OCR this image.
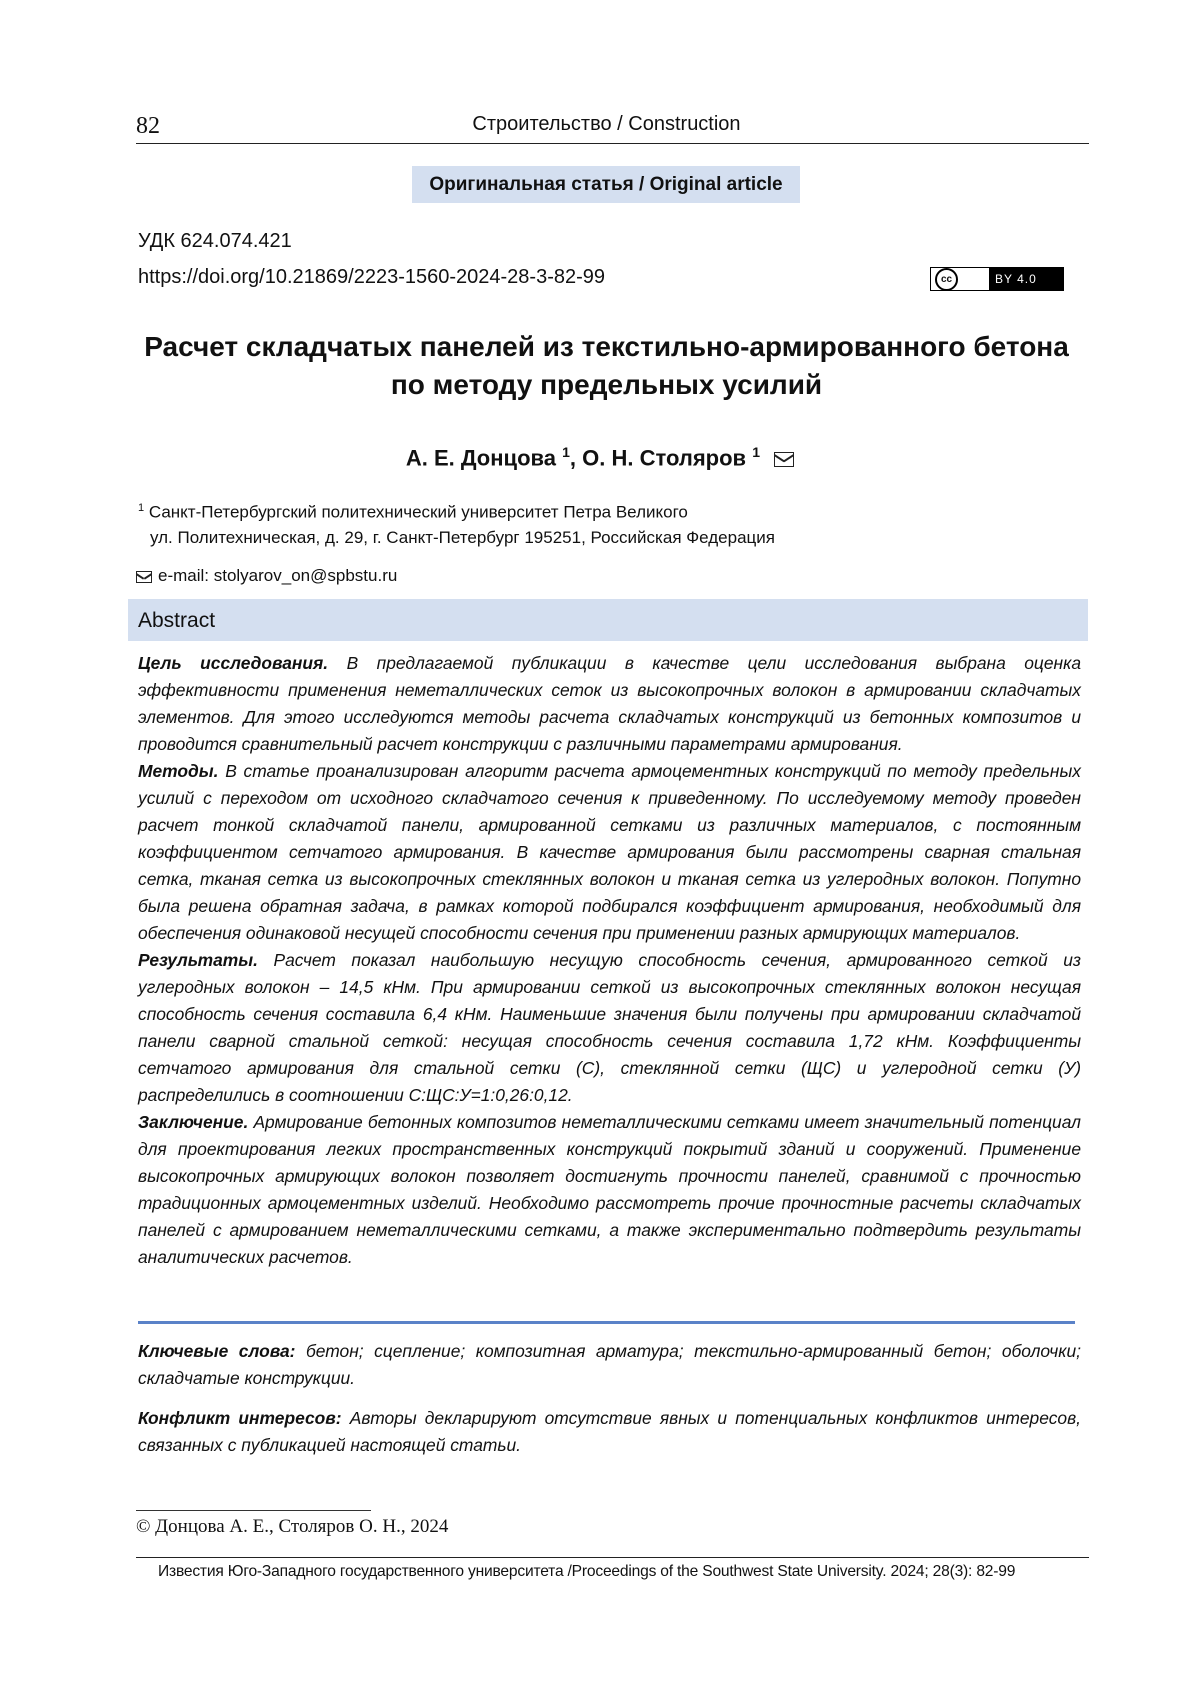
82	Строительство / Construction
Оригинальная статья / Original article
УДК 624.074.421
https://doi.org/10.21869/2223-1560-2024-28-3-82-99	cc	BY 4.0
Расчет складчатых панелей из текстильно-армированного бетона
по методу предельных усилий
А. Е. Донцова $^1$, О. Н. Столяров $^1$
$^1$ Санкт-Петербургский политехнический университет Петра Великого
ул. Политехническая, д. 29, г. Санкт-Петербург 195251, Российская Федерация
e-mail: stolyarov_on@spbstu.ru
Abstract

Цель исследования. В предлагаемой публикации в качестве цели исследования выбрана оценка эффективности применения неметаллических сеток из высокопрочных волокон в армировании складчатых элементов. Для этого исследуются методы расчета складчатых конструкций из бетонных композитов и проводится сравнительный расчет конструкции с различными параметрами армирования.

Методы. В статье проанализирован алгоритм расчета армоцементных конструкций по методу предельных усилий с переходом от исходного складчатого сечения к приведенному. По исследуемому методу проведен расчет тонкой складчатой панели, армированной сетками из различных материалов, с постоянным коэффициентом сетчатого армирования. В качестве армирования были рассмотрены сварная стальная сетка, тканая сетка из высокопрочных стеклянных волокон и тканая сетка из углеродных волокон. Попутно была решена обратная задача, в рамках которой подбирался коэффициент армирования, необходимый для обеспечения одинаковой несущей способности сечения при применении разных армирующих материалов.

Результаты. Расчет показал наибольшую несущую способность сечения, армированного сеткой из углеродных волокон – 14,5 кНм. При армировании сеткой из высокопрочных стеклянных волокон несущая способность сечения составила 6,4 кНм. Наименьшие значения были получены при армировании складчатой панели сварной стальной сеткой: несущая способность сечения составила 1,72 кНм. Коэффициенты сетчатого армирования для стальной сетки (С), стеклянной сетки (ЩС) и углеродной сетки (У) распределились в соотношении С:ЩС:У=1:0,26:0,12.

Заключение. Армирование бетонных композитов неметаллическими сетками имеет значительный потенциал для проектирования легких пространственных конструкций покрытий зданий и сооружений. Применение высокопрочных армирующих волокон позволяет достигнуть прочности панелей, сравнимой с прочностью традиционных армоцементных изделий. Необходимо рассмотреть прочие прочностные расчеты складчатых панелей с армированием неметаллическими сетками, а также экспериментально подтвердить результаты аналитических расчетов.

Ключевые слова: бетон; сцепление; композитная арматура; текстильно-армированный бетон; оболочки; складчатые конструкции.
Конфликт интересов: Авторы декларируют отсутствие явных и потенциальных конфликтов интересов, связанных с публикацией настоящей статьи.
© Донцова А. Е., Столяров О. Н., 2024
Известия Юго-Западного государственного университета /Proceedings of the Southwest State University. 2024; 28(3): 82-99
